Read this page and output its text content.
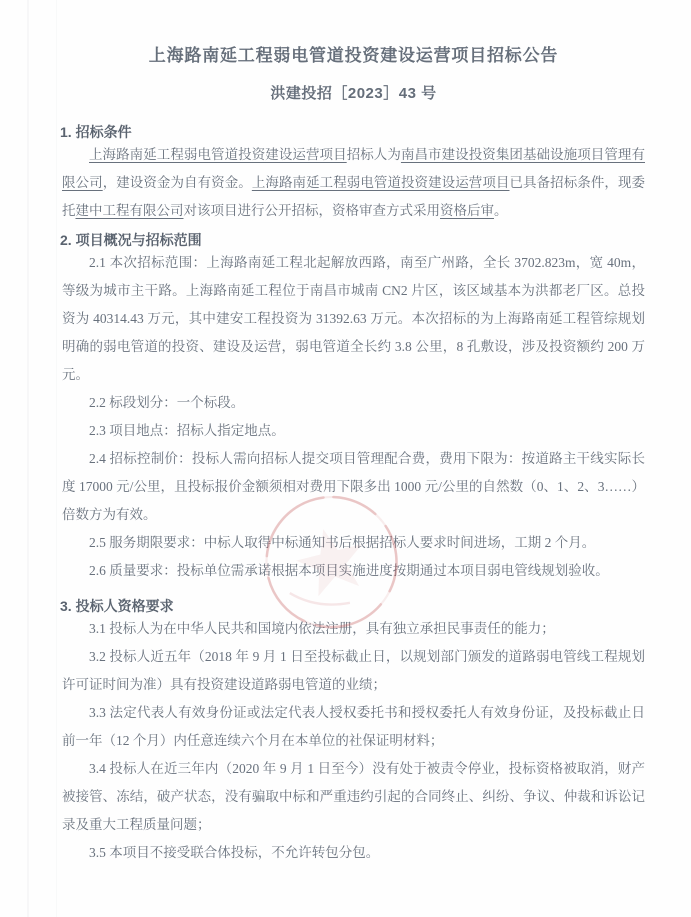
上海路南延工程弱电管道投资建设运营项目招标公告
洪建投招［2023］43 号
1. 招标条件

上海路南延工程弱电管道投资建设运营项目招标人为南昌市建设投资集团基础设施项目管理有限公司，建设资金为自有资金。上海路南延工程弱电管道投资建设运营项目已具备招标条件，现委托建中工程有限公司对该项目进行公开招标，资格审查方式采用资格后审。

2. 项目概况与招标范围

2.1 本次招标范围：上海路南延工程北起解放西路，南至广州路，全长 3702.823m，宽 40m，等级为城市主干路。上海路南延工程位于南昌市城南 CN2 片区，该区域基本为洪都老厂区。总投资为 40314.43 万元，其中建安工程投资为 31392.63 万元。本次招标的为上海路南延工程管综规划明确的弱电管道的投资、建设及运营，弱电管道全长约 3.8 公里，8 孔敷设，涉及投资额约 200 万元。

2.2 标段划分：一个标段。

2.3 项目地点：招标人指定地点。

2.4 招标控制价：投标人需向招标人提交项目管理配合费，费用下限为：按道路主干线实际长度 17000 元/公里，且投标报价金额须相对费用下限多出 1000 元/公里的自然数（0、1、2、3……）倍数方为有效。

2.5 服务期限要求：中标人取得中标通知书后根据招标人要求时间进场，工期 2 个月。

2.6 质量要求：投标单位需承诺根据本项目实施进度按期通过本项目弱电管线规划验收。

3. 投标人资格要求

3.1 投标人为在中华人民共和国境内依法注册，具有独立承担民事责任的能力；

3.2 投标人近五年（2018 年 9 月 1 日至投标截止日，以规划部门颁发的道路弱电管线工程规划许可证时间为准）具有投资建设道路弱电管道的业绩；

3.3 法定代表人有效身份证或法定代表人授权委托书和授权委托人有效身份证，及投标截止日前一年（12 个月）内任意连续六个月在本单位的社保证明材料；

3.4 投标人在近三年内（2020 年 9 月 1 日至今）没有处于被责令停业，投标资格被取消，财产被接管、冻结，破产状态，没有骗取中标和严重违约引起的合同终止、纠纷、争议、仲裁和诉讼记录及重大工程质量问题；

3.5 本项目不接受联合体投标，不允许转包分包。
